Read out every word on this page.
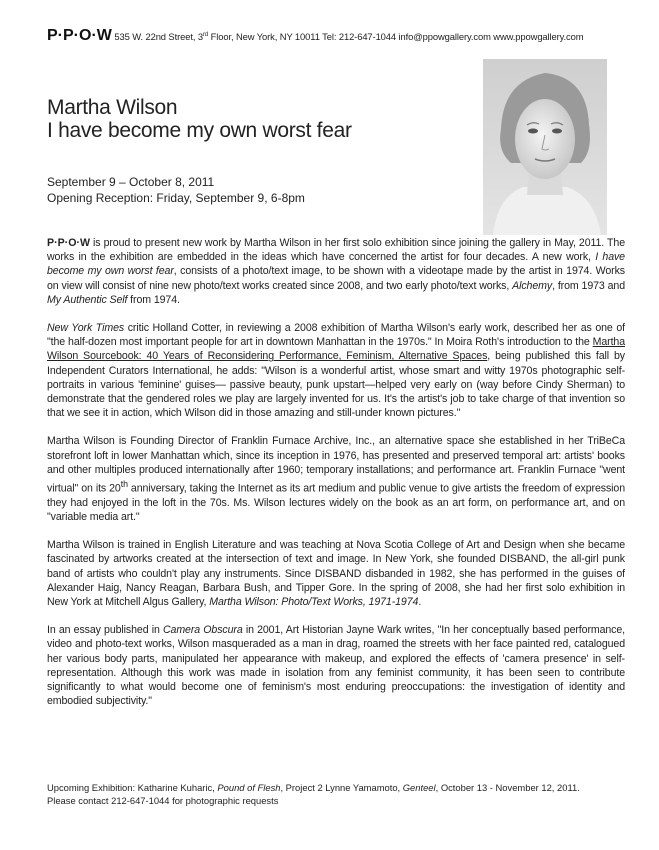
P·P·O·W 535 W. 22nd Street, 3rd Floor, New York, NY 10011 Tel: 212-647-1044 info@ppowgallery.com www.ppowgallery.com
Martha Wilson
I have become my own worst fear
September 9 – October 8, 2011
Opening Reception: Friday, September 9, 6-8pm

P·P·O·W is proud to present new work by Martha Wilson in her first solo exhibition since joining the gallery in May, 2011. The works in the exhibition are embedded in the ideas which have concerned the artist for four decades. A new work, I have become my own worst fear, consists of a photo/text image, to be shown with a videotape made by the artist in 1974. Works on view will consist of nine new photo/text works created since 2008, and two early photo/text works, Alchemy, from 1973 and My Authentic Self from 1974.

New York Times critic Holland Cotter, in reviewing a 2008 exhibition of Martha Wilson's early work, described her as one of "the half-dozen most important people for art in downtown Manhattan in the 1970s." In Moira Roth's introduction to the Martha Wilson Sourcebook: 40 Years of Reconsidering Performance, Feminism, Alternative Spaces, being published this fall by Independent Curators International, he adds: "Wilson is a wonderful artist, whose smart and witty 1970s photographic self-portraits in various 'feminine' guises— passive beauty, punk upstart—helped very early on (way before Cindy Sherman) to demonstrate that the gendered roles we play are largely invented for us. It's the artist's job to take charge of that invention so that we see it in action, which Wilson did in those amazing and still-under known pictures."

Martha Wilson is Founding Director of Franklin Furnace Archive, Inc., an alternative space she established in her TriBeCa storefront loft in lower Manhattan which, since its inception in 1976, has presented and preserved temporal art: artists' books and other multiples produced internationally after 1960; temporary installations; and performance art. Franklin Furnace "went virtual" on its 20th anniversary, taking the Internet as its art medium and public venue to give artists the freedom of expression they had enjoyed in the loft in the 70s. Ms. Wilson lectures widely on the book as an art form, on performance art, and on "variable media art."

Martha Wilson is trained in English Literature and was teaching at Nova Scotia College of Art and Design when she became fascinated by artworks created at the intersection of text and image. In New York, she founded DISBAND, the all-girl punk band of artists who couldn't play any instruments. Since DISBAND disbanded in 1982, she has performed in the guises of Alexander Haig, Nancy Reagan, Barbara Bush, and Tipper Gore. In the spring of 2008, she had her first solo exhibition in New York at Mitchell Algus Gallery, Martha Wilson: Photo/Text Works, 1971-1974.

In an essay published in Camera Obscura in 2001, Art Historian Jayne Wark writes, "In her conceptually based performance, video and photo-text works, Wilson masqueraded as a man in drag, roamed the streets with her face painted red, catalogued her various body parts, manipulated her appearance with makeup, and explored the effects of 'camera presence' in self-representation. Although this work was made in isolation from any feminist community, it has been seen to contribute significantly to what would become one of feminism's most enduring preoccupations: the investigation of identity and embodied subjectivity."

Upcoming Exhibition: Katharine Kuharic, Pound of Flesh, Project 2 Lynne Yamamoto, Genteel, October 13 - November 12, 2011.
Please contact 212-647-1044 for photographic requests
